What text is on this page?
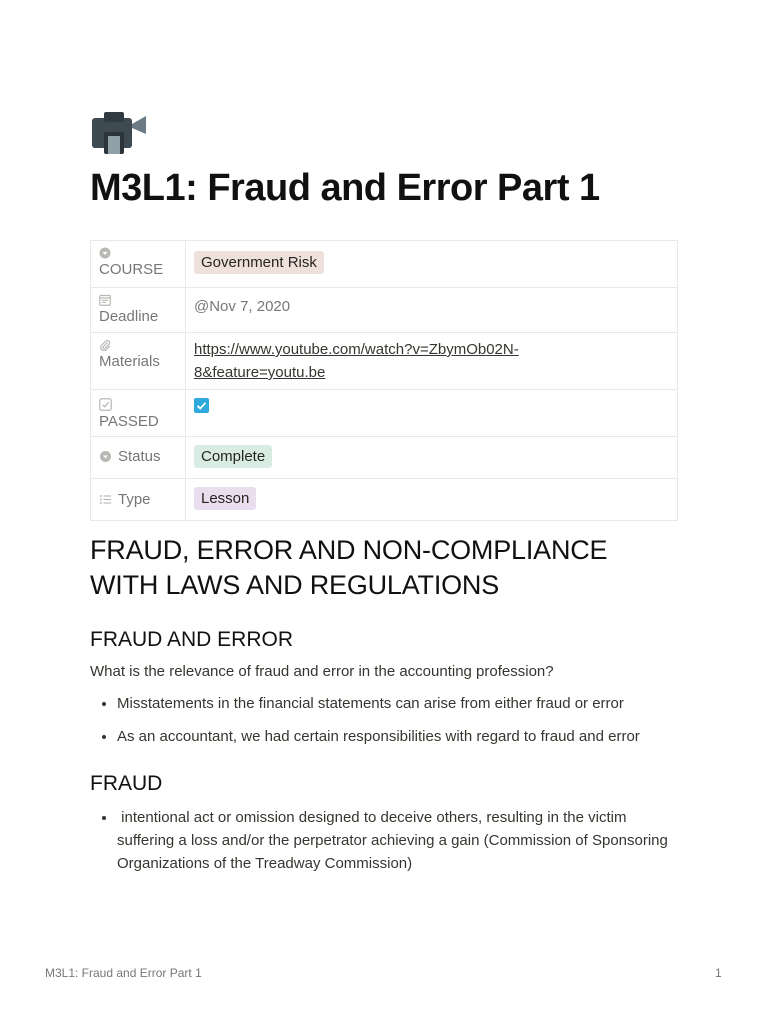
M3L1: Fraud and Error Part 1
COURSE	Government Risk

Deadline	@Nov 7, 2020

Materials	https://www.youtube.com/watch?v=ZbymOb02N-
8&feature=youtu.be
PASSED	

Status	Complete
Type	Lesson
FRAUD, ERROR AND NON-COMPLIANCE WITH LAWS AND REGULATIONS
FRAUD AND ERROR

What is the relevance of fraud and error in the accounting profession?

• Misstatements in the financial statements can arise from either fraud or error
• As an accountant, we had certain responsibilities with regard to fraud and error
FRAUD
•  intentional act or omission designed to deceive others, resulting in the victim suffering a loss and/or the perpetrator achieving a gain (Commission of Sponsoring Organizations of the Treadway Commission)
M3L1: Fraud and Error Part 1	1
